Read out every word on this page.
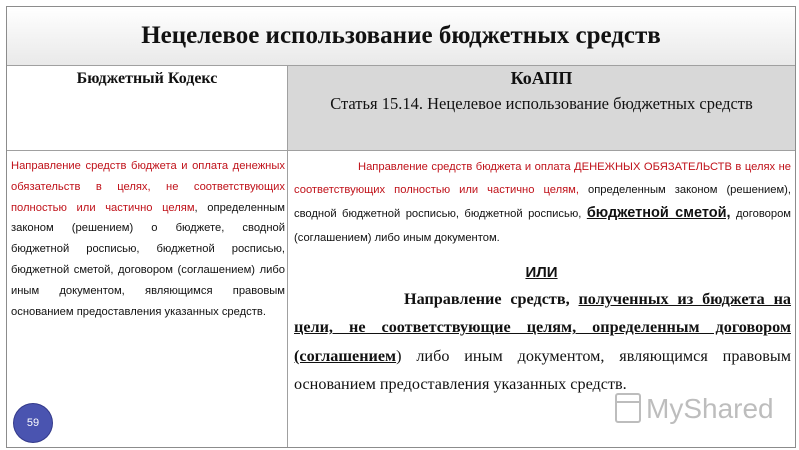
Нецелевое использование бюджетных средств
Бюджетный Кодекс	КоАПП
Статья 15.14. Нецелевое использование бюджетных средств

Направление средств бюджета и оплата денежных обязательств в целях, не соответствующих полностью или частично целям, определенным законом (решением) о бюджете, сводной бюджетной росписью, бюджетной росписью, бюджетной сметой, договором (соглашением) либо иным документом, являющимся правовым основанием предоставления указанных средств.

Направление средств бюджета и оплата ДЕНЕЖНЫХ ОБЯЗАТЕЛЬСТВ в целях не соответствующих полностью или частично целям, определенным законом (решением), сводной бюджетной росписью, бюджетной росписью, бюджетной сметой, договором (соглашением) либо иным документом.

ИЛИ

Направление средств, полученных из бюджета на цели, не соответствующие целям, определенным договором (соглашением) либо иным документом, являющимся правовым основанием предоставления указанных средств.

59	MyShared
